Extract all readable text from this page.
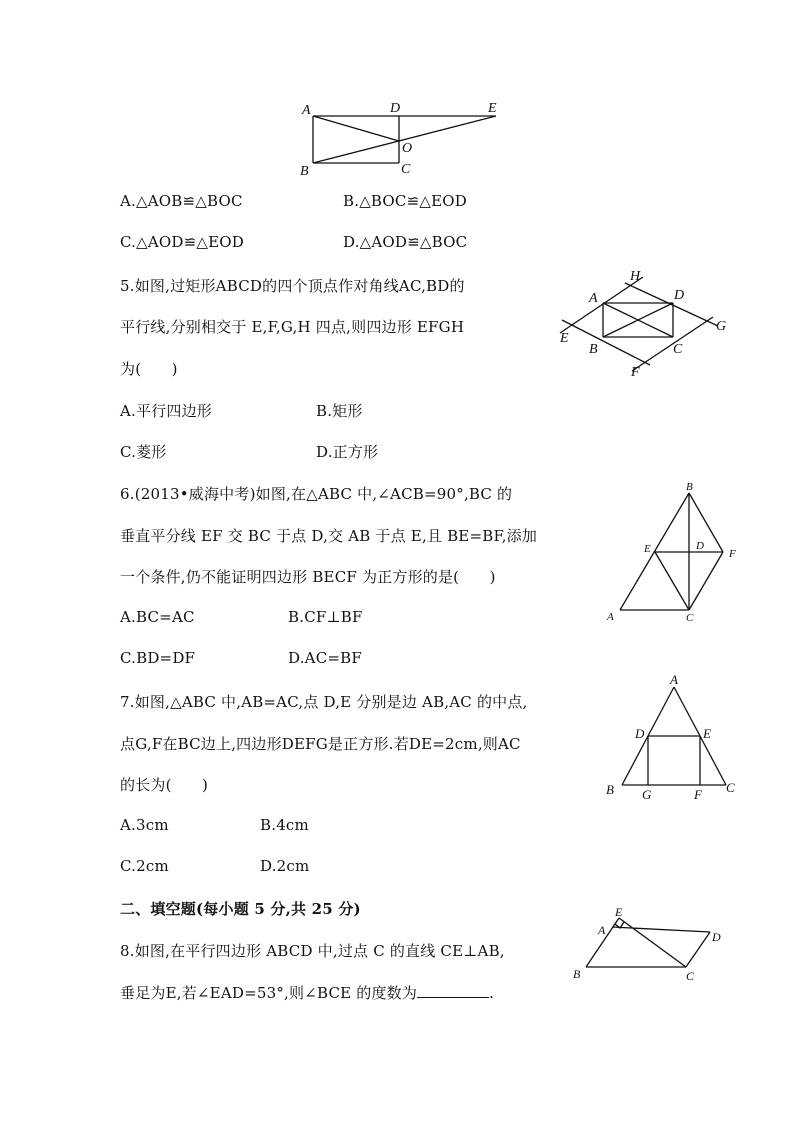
A	D	E
O
B	C
A.△AOB≌△BOC	B.△BOC≌△EOD
C.△AOD≌△EOD	D.△AOD≌△BOC
5.如图,过矩形ABCD的四个顶点作对角线AC,BD的
平行线,分别相交于 E,F,G,H 四点,则四边形 EFGH
为(　　)
A.平行四边形	B.矩形
C.菱形	D.正方形
H
A	D
G
E
B	C
F
6.(2013•威海中考)如图,在△ABC 中,∠ACB=90°,BC 的
垂直平分线 EF 交 BC 于点 D,交 AB 于点 E,且 BE=BF,添加
一个条件,仍不能证明四边形 BECF 为正方形的是(　　)
A.BC=AC	B.CF⊥BF
C.BD=DF	D.AC=BF
B
E	D
F
A	C
7.如图,△ABC 中,AB=AC,点 D,E 分别是边 AB,AC 的中点,
点G,F在BC边上,四边形DEFG是正方形.若DE=2cm,则AC
的长为(　　)
A.3cm	B.4cm
C.2cm	D.2cm
A
D	E
B G	F C
二、填空题(每小题 5 分,共 25 分)
8.如图,在平行四边形 ABCD 中,过点 C 的直线 CE⊥AB,
垂足为E,若∠EAD=53°,则∠BCE 的度数为	.
E
A	D
B	C
